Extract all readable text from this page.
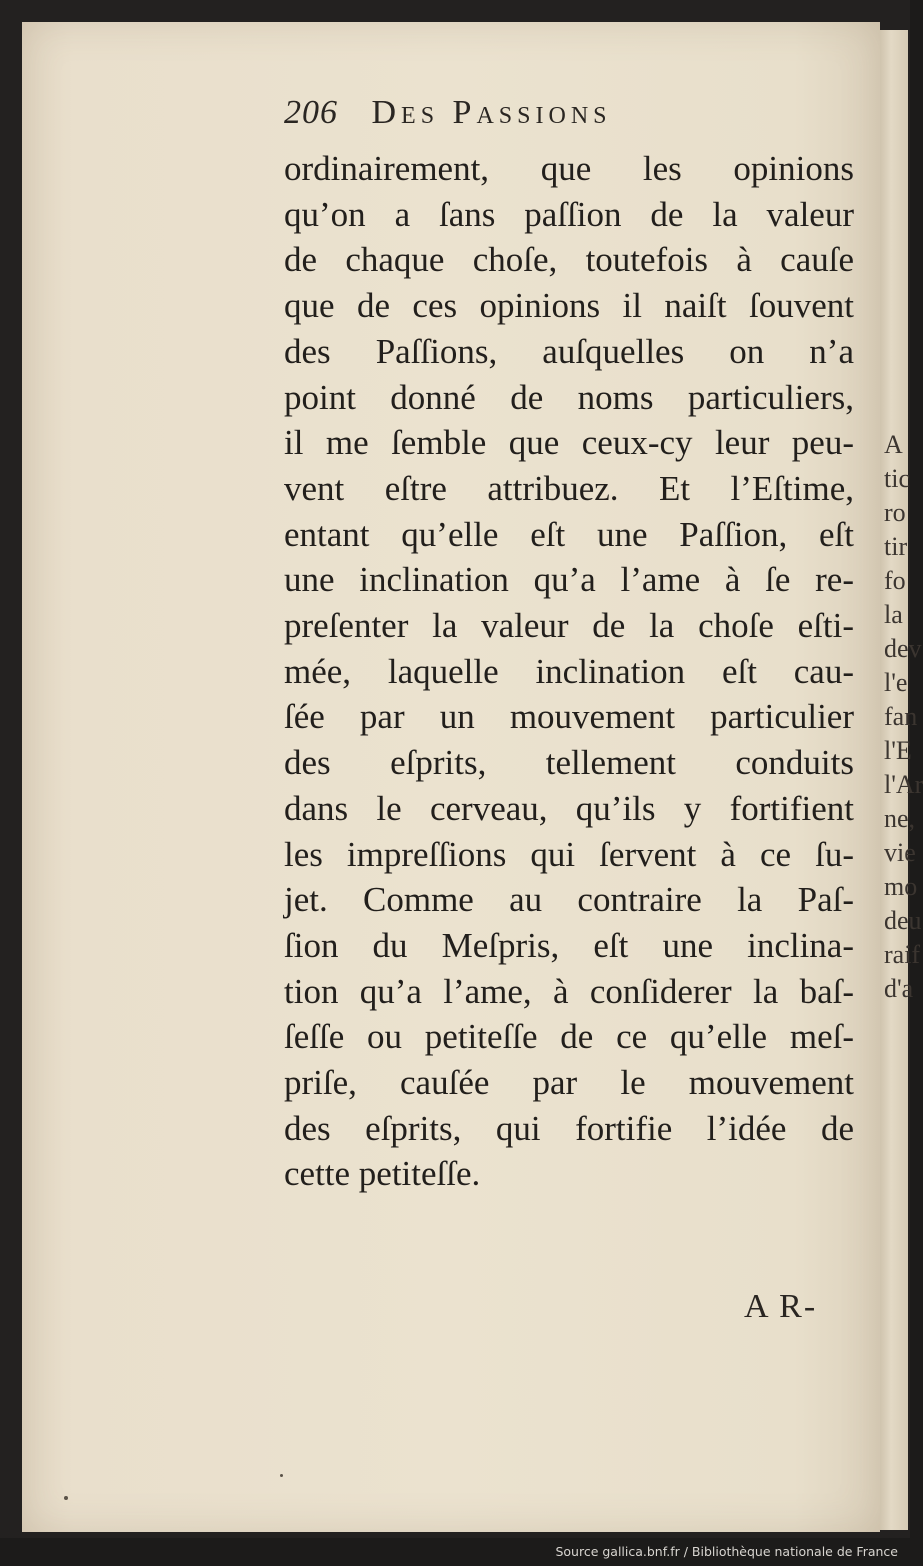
A
tic
ro
tir
fo
la
dev
l'e
fan
l'E
l'Ar
ne,
vie
mo
deu
raif
d'a
206 Des Passions
ordinairement, que les opinions
qu’on a ſans paſſion de la valeur
de chaque choſe, toutefois à cauſe
que de ces opinions il naiſt ſouvent
des Paſſions, auſquelles on n’a
point donné de noms particuliers,
il me ſemble que ceux-cy leur peu-
vent eſtre attribuez. Et l’Eſtime,
entant qu’elle eſt une Paſſion, eſt
une inclination qu’a l’ame à ſe re-
preſenter la valeur de la choſe eſti-
mée, laquelle inclination eſt cau-
ſée par un mouvement particulier
des eſprits, tellement conduits
dans le cerveau, qu’ils y fortifient
les impreſſions qui ſervent à ce ſu-
jet. Comme au contraire la Paſ-
ſion du Meſpris, eſt une inclina-
tion qu’a l’ame, à conſiderer la baſ-
ſeſſe ou petiteſſe de ce qu’elle meſ-
priſe, cauſée par le mouvement
des eſprits, qui fortifie l’idée de
cette petiteſſe.
A R-
Source gallica.bnf.fr / Bibliothèque nationale de France
